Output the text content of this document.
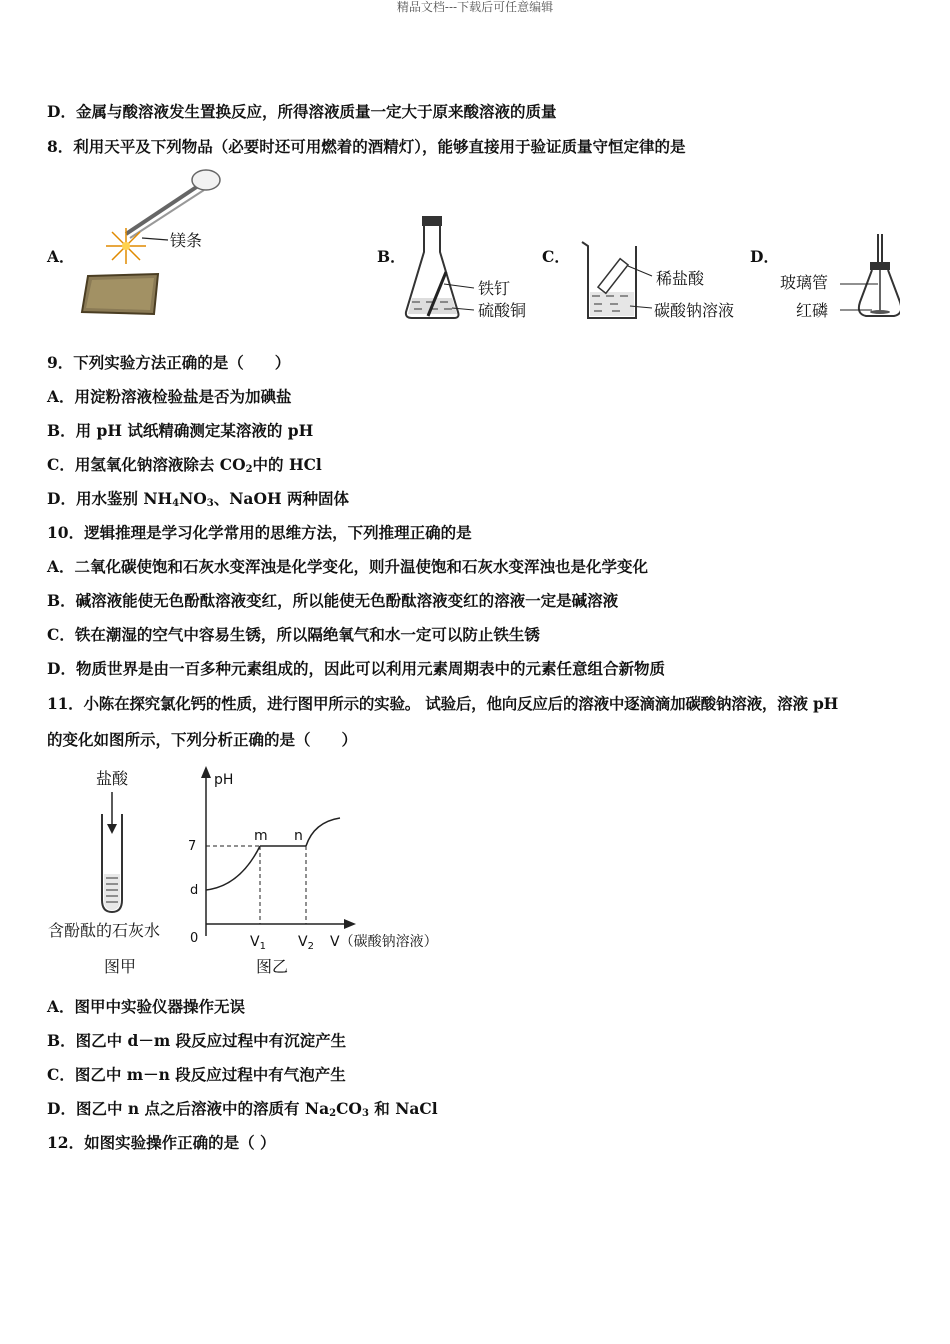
精品文档---下载后可任意编辑
D．金属与酸溶液发生置换反应，所得溶液质量一定大于原来酸溶液的质量
8．利用天平及下列物品（必要时还可用燃着的酒精灯），能够直接用于验证质量守恒定律的是
A．
镁条
B．
铁钉
硫酸铜
C．
稀盐酸
碳酸钠溶液
D．
玻璃管
红磷
9．下列实验方法正确的是（　　）
A．用淀粉溶液检验盐是否为加碘盐
B．用 pH 试纸精确测定某溶液的 pH
C．用氢氧化钠溶液除去 $CO_2$中的 HCl
D．用水鉴别 $NH_4NO_3$、NaOH 两种固体
10．逻辑推理是学习化学常用的思维方法，下列推理正确的是
A．二氧化碳使饱和石灰水变浑浊是化学变化，则升温使饱和石灰水变浑浊也是化学变化
B．碱溶液能使无色酚酞溶液变红，所以能使无色酚酞溶液变红的溶液一定是碱溶液
C．铁在潮湿的空气中容易生锈，所以隔绝氧气和水一定可以防止铁生锈
D．物质世界是由一百多种元素组成的，因此可以利用元素周期表中的元素任意组合新物质
11．小陈在探究氯化钙的性质，进行图甲所示的实验。 试验后，他向反应后的溶液中逐滴滴加碳酸钠溶液，溶液 pH
的变化如图所示，下列分析正确的是（　　）
盐酸
含酚酞的石灰水
图甲
pH
0
7
d
m n
$V_1$ $V_2$ V（碳酸钠溶液）
图乙
A．图甲中实验仪器操作无误
B．图乙中 d－m 段反应过程中有沉淀产生
C．图乙中 m－n 段反应过程中有气泡产生
D．图乙中 n 点之后溶液中的溶质有 $Na_2CO_3$ 和 NaCl
12．如图实验操作正确的是（ ）
